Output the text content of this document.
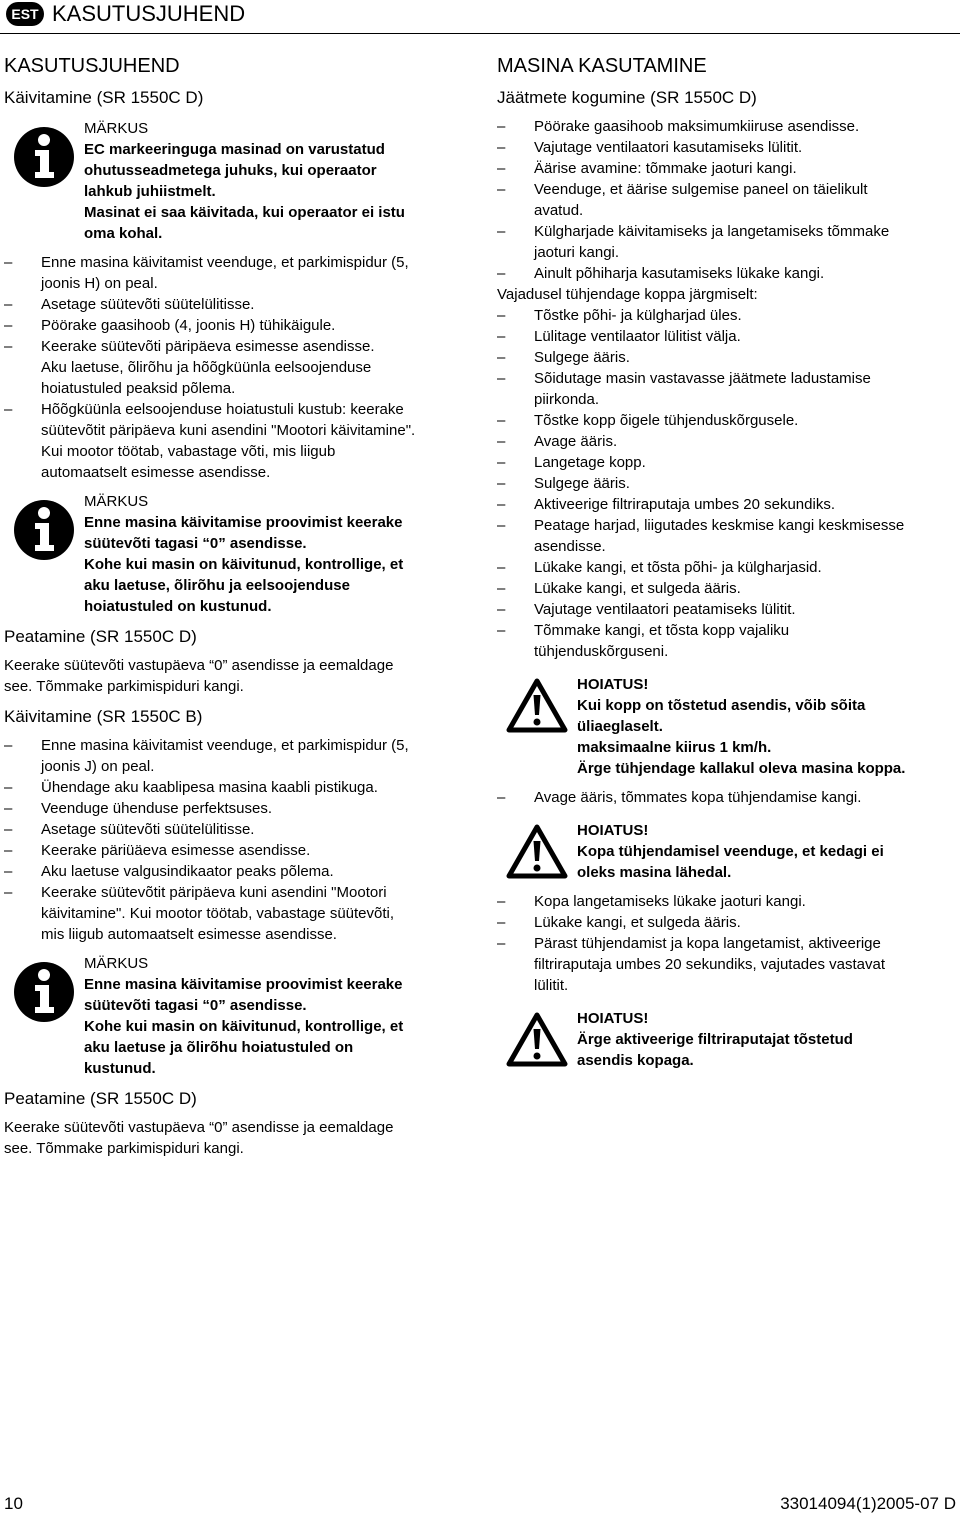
EST KASUTUSJUHEND
KASUTUSJUHEND
Käivitamine (SR 1550C D)
MÄRKUS
EC markeeringuga masinad on varustatud
ohutusseadmetega juhuks, kui operaator
lahkub juhiistmelt.
Masinat ei saa käivitada, kui operaator ei istu
oma kohal.
–
Enne masina käivitamist veenduge, et parkimispidur (5,
joonis H) on peal.
–
Asetage süütevõti süütelülitisse.
–
Pöörake gaasihoob (4, joonis H) tühikäigule.
–
Keerake süütevõti päripäeva esimesse asendisse.
Aku laetuse, õlirõhu ja hõõgküünla eelsoojenduse
hoiatustuled peaksid põlema.
–
Hõõgküünla eelsoojenduse hoiatustuli kustub: keerake
süütevõtit päripäeva kuni asendini "Mootori käivitamine".
Kui mootor töötab, vabastage võti, mis liigub
automaatselt esimesse asendisse.
MÄRKUS
Enne masina käivitamise proovimist keerake
süütevõti tagasi “0” asendisse.
Kohe kui masin on käivitunud, kontrollige, et
aku laetuse, õlirõhu ja eelsoojenduse
hoiatustuled on kustunud.
Peatamine (SR 1550C D)
Keerake süütevõti vastupäeva “0” asendisse ja eemaldage
see. Tõmmake parkimispiduri kangi.
Käivitamine (SR 1550C B)
–
Enne masina käivitamist veenduge, et parkimispidur (5,
joonis J) on peal.
–
Ühendage aku kaablipesa masina kaabli pistikuga.
–
Veenduge ühenduse perfektsuses.
–
Asetage süütevõti süütelülitisse.
–
Keerake päriüäeva esimesse asendisse.
–
Aku laetuse valgusindikaator peaks põlema.
–
Keerake süütevõtit päripäeva kuni asendini "Mootori
käivitamine". Kui mootor töötab, vabastage süütevõti,
mis liigub automaatselt esimesse asendisse.
MÄRKUS
Enne masina käivitamise proovimist keerake
süütevõti tagasi “0” asendisse.
Kohe kui masin on käivitunud, kontrollige, et
aku laetuse ja õlirõhu hoiatustuled on
kustunud.
Peatamine (SR 1550C D)
Keerake süütevõti vastupäeva “0” asendisse ja eemaldage
see. Tõmmake parkimispiduri kangi.
MASINA KASUTAMINE
Jäätmete kogumine (SR 1550C D)
–
Pöörake gaasihoob maksimumkiiruse asendisse.
–
Vajutage ventilaatori kasutamiseks lülitit.
–
Äärise avamine: tõmmake jaoturi kangi.
–
Veenduge, et äärise sulgemise paneel on täielikult
avatud.
–
Külgharjade käivitamiseks ja langetamiseks tõmmake
jaoturi kangi.
–
Ainult põhiharja kasutamiseks lükake kangi.
Vajadusel tühjendage koppa järgmiselt:
–
Tõstke põhi- ja külgharjad üles.
–
Lülitage ventilaator lülitist välja.
–
Sulgege ääris.
–
Sõidutage masin vastavasse jäätmete ladustamise
piirkonda.
–
Tõstke kopp õigele tühjenduskõrgusele.
–
Avage ääris.
–
Langetage kopp.
–
Sulgege ääris.
–
Aktiveerige filtriraputaja umbes 20 sekundiks.
–
Peatage harjad, liigutades keskmise kangi keskmisesse
asendisse.
–
Lükake kangi, et tõsta põhi- ja külgharjasid.
–
Lükake kangi, et sulgeda ääris.
–
Vajutage ventilaatori peatamiseks lülitit.
–
Tõmmake kangi, et tõsta kopp vajaliku
tühjenduskõrguseni.
HOIATUS!
Kui kopp on tõstetud asendis, võib sõita
üliaeglaselt.
maksimaalne kiirus 1 km/h.
Ärge tühjendage kallakul oleva masina koppa.
–
Avage ääris, tõmmates kopa tühjendamise kangi.
HOIATUS!
Kopa tühjendamisel veenduge, et kedagi ei
oleks masina lähedal.
–
Kopa langetamiseks lükake jaoturi kangi.
–
Lükake kangi, et sulgeda ääris.
–
Pärast tühjendamist ja kopa langetamist, aktiveerige
filtriraputaja umbes 20 sekundiks, vajutades vastavat
lülitit.
HOIATUS!
Ärge aktiveerige filtriraputajat tõstetud
asendis kopaga.
10	33014094(1)2005-07 D
